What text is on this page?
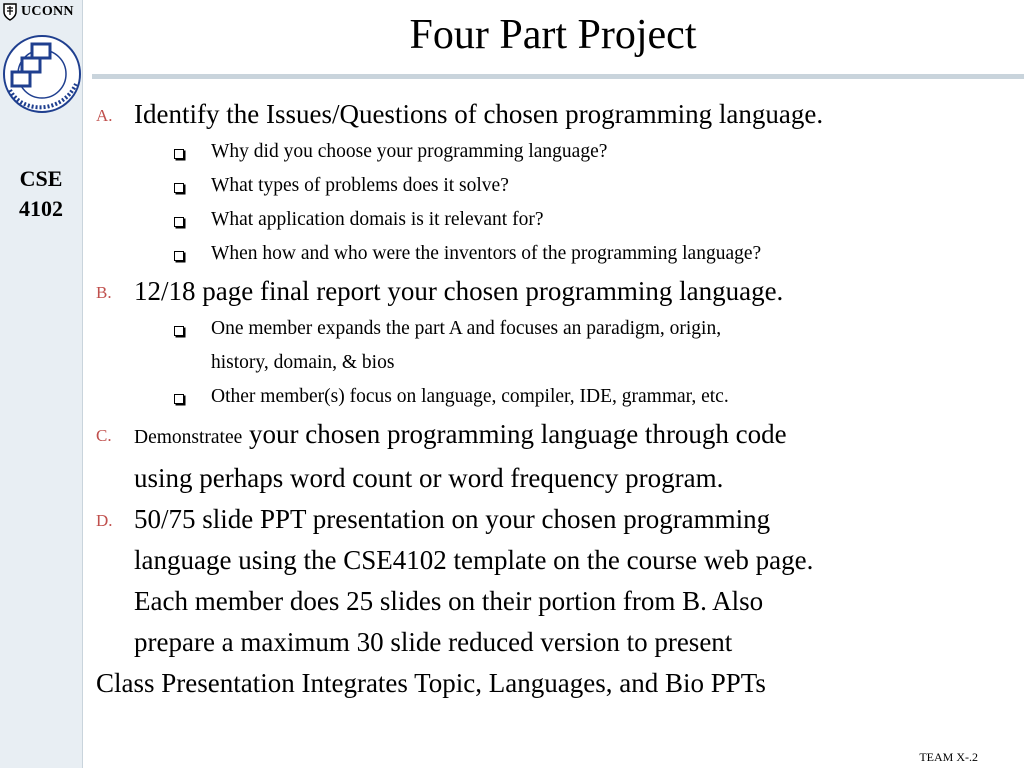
UCONN
CSE
4102
Four Part Project
A. Identify the Issues/Questions of chosen programming language.
Why did you choose your programming language?
What types of problems does it solve?
What application domais is it relevant for?
When how and who were the inventors of the programming language?
B. 12/18 page final report your chosen programming language.
One member expands the part A and focuses an paradigm, origin,
history, domain, & bios
Other member(s) focus on language, compiler, IDE, grammar, etc.
C. Demonstratee your chosen programming language through code
using perhaps word count or word frequency program.
D. 50/75 slide PPT presentation on your chosen programming
language using the CSE4102 template on the course web page.
Each member does 25 slides on their portion from B. Also
prepare a maximum 30 slide reduced version to present
Class Presentation Integrates Topic, Languages, and Bio PPTs
TEAM X-.2
